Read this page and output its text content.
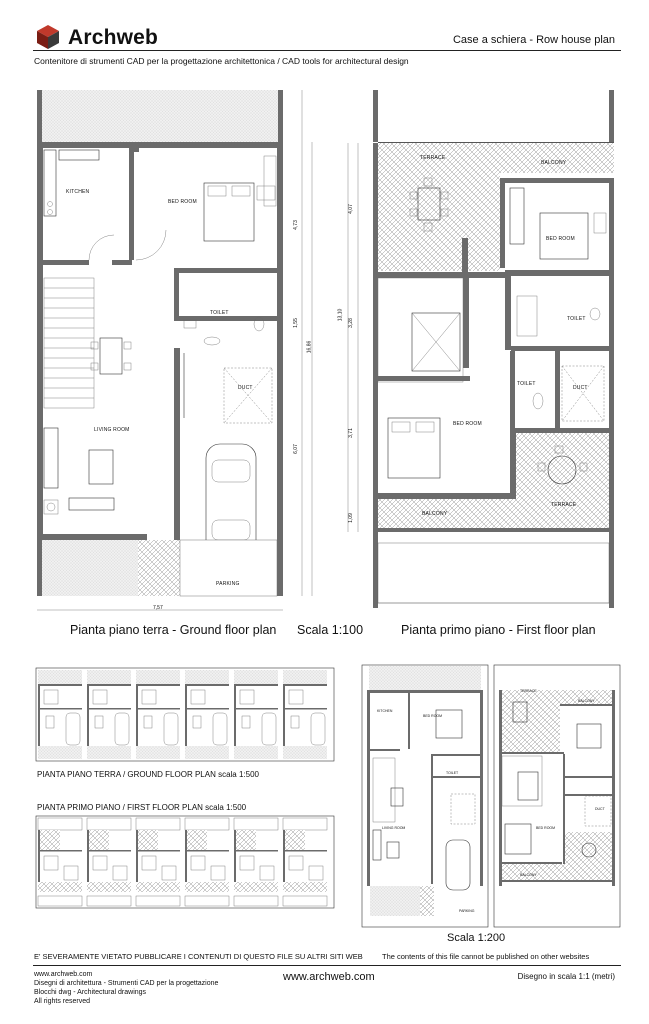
Archweb	Case a schiera - Row house plan
Contenitore di strumenti CAD per la progettazione architettonica / CAD tools for architectural design
KITCHEN
BED ROOM
TOILET
DUCT
LIVING ROOM
PARKING
7,57
4,73
1,55
6,07
16,86
TERRACE
BALCONY
BED ROOM
TOILET
TOILET
DUCT
BED ROOM
TERRACE
BALCONY
4,07
3,28
3,71
1,09
13,10
Pianta piano terra - Ground floor plan Scala 1:100	Pianta primo piano - First floor plan
PIANTA PIANO TERRA / GROUND FLOOR PLAN scala 1:500
PIANTA PRIMO PIANO / FIRST FLOOR PLAN scala 1:500
KITCHEN
BED ROOM
TOILET
LIVING ROOM
PARKING
TERRACE
BALCONY
BED ROOM
DUCT
BALCONY
Scala 1:200
E' SEVERAMENTE VIETATO PUBBLICARE I CONTENUTI DI QUESTO FILE SU ALTRI SITI WEB	The contents of this file cannot be published on other websites
www.archweb.com
Disegni di architettura - Strumenti CAD per la progettazione
Blocchi dwg - Architectural drawings
All rights reserved
www.archweb.com	Disegno in scala 1:1 (metri)
